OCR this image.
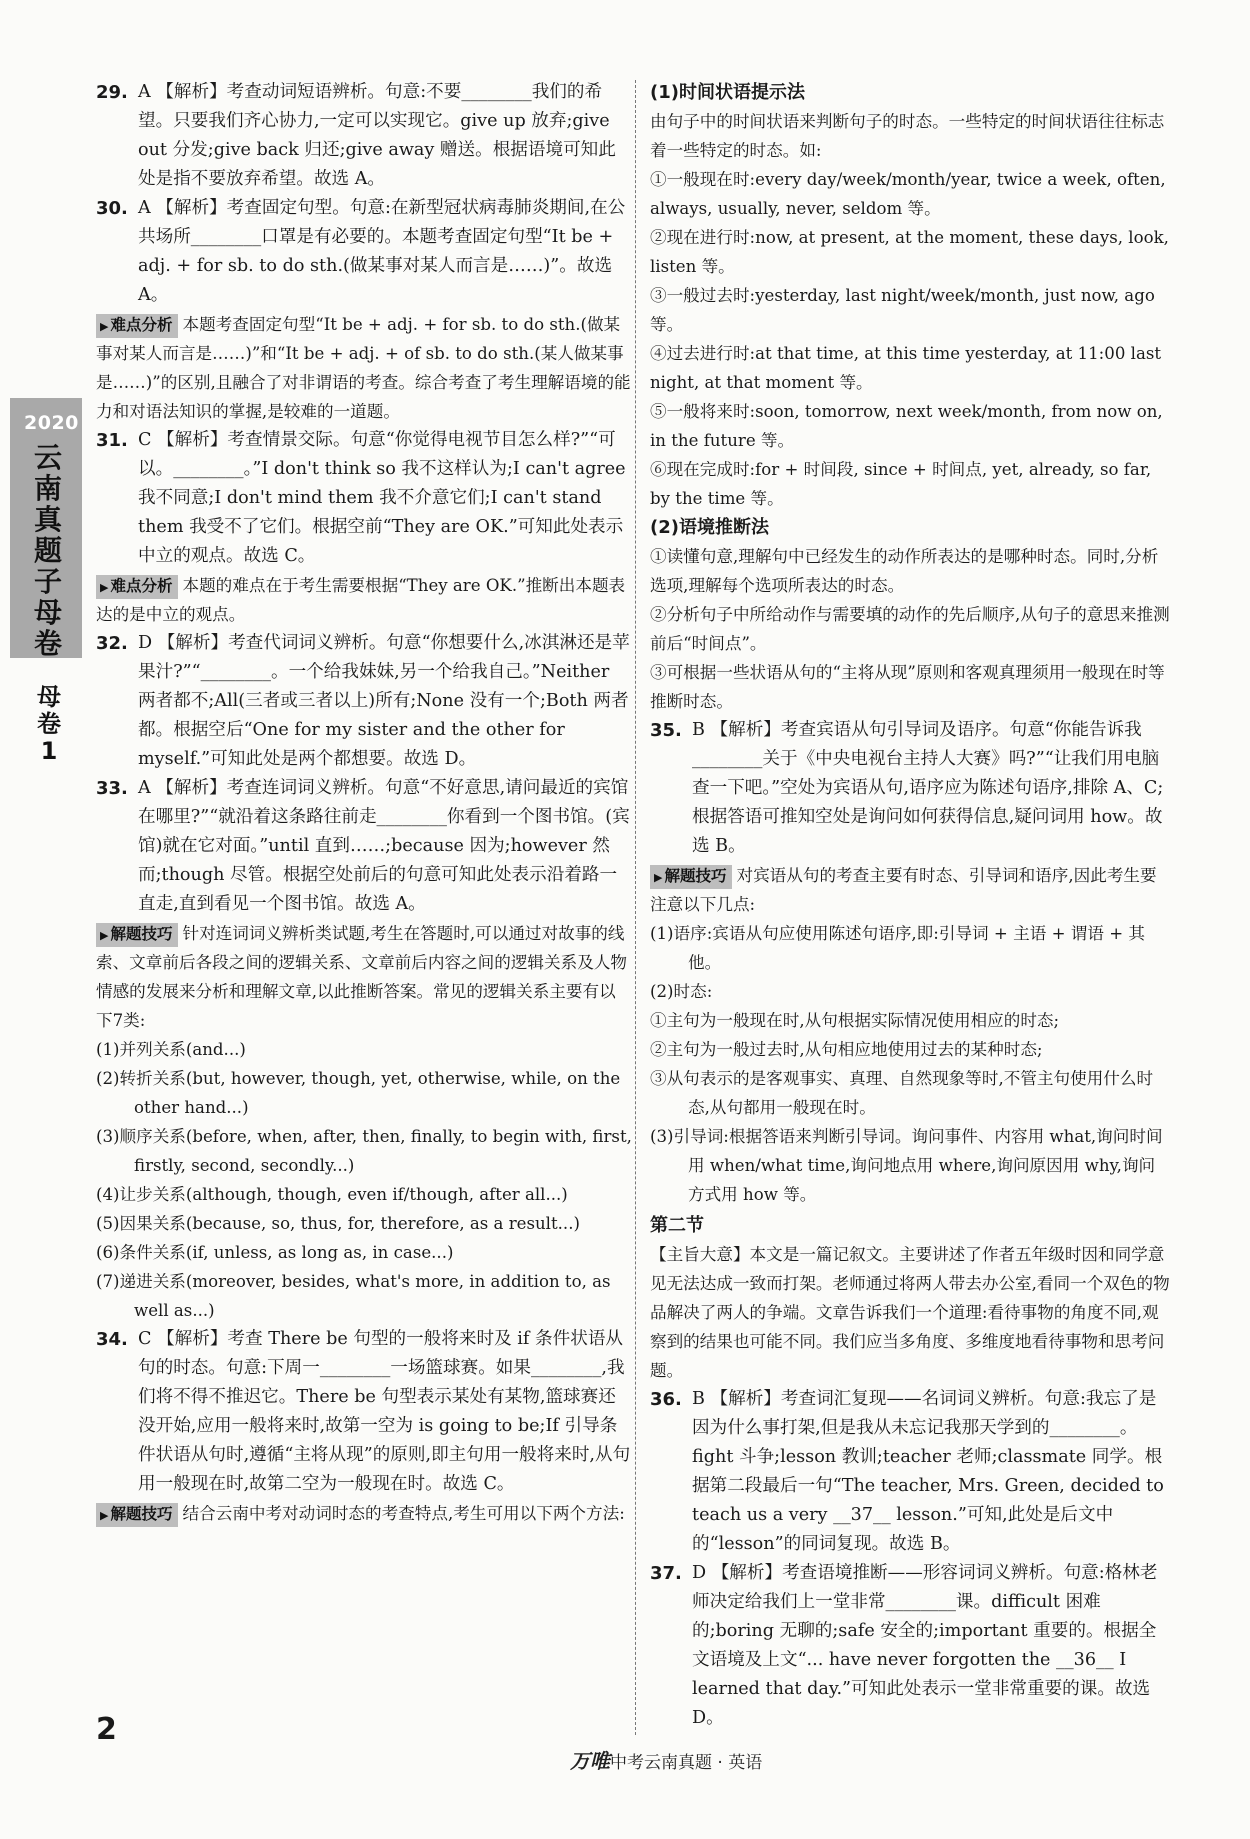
2020
云南真题子母卷
母卷1
29. A 【解析】考查动词短语辨析。句意:不要________我们的希望。只要我们齐心协力,一定可以实现它。give up 放弃;give out 分发;give back 归还;give away 赠送。根据语境可知此处是指不要放弃希望。故选 A。
30. A 【解析】考查固定句型。句意:在新型冠状病毒肺炎期间,在公共场所________口罩是有必要的。本题考查固定句型“It be + adj. + for sb. to do sth.(做某事对某人而言是……)”。故选 A。
▶ 难点分析 本题考查固定句型“It be + adj. + for sb. to do sth.(做某事对某人而言是……)”和“It be + adj. + of sb. to do sth.(某人做某事是……)”的区别,且融合了对非谓语的考查。综合考查了考生理解语境的能力和对语法知识的掌握,是较难的一道题。
31. C 【解析】考查情景交际。句意“你觉得电视节目怎么样?”“可以。________。”I don't think so 我不这样认为;I can't agree 我不同意;I don't mind them 我不介意它们;I can't stand them 我受不了它们。根据空前“They are OK.”可知此处表示中立的观点。故选 C。
▶ 难点分析 本题的难点在于考生需要根据“They are OK.”推断出本题表达的是中立的观点。
32. D 【解析】考查代词词义辨析。句意“你想要什么,冰淇淋还是苹果汁?”“________。一个给我妹妹,另一个给我自己。”Neither 两者都不;All(三者或三者以上)所有;None 没有一个;Both 两者都。根据空后“One for my sister and the other for myself.”可知此处是两个都想要。故选 D。
33. A 【解析】考查连词词义辨析。句意“不好意思,请问最近的宾馆在哪里?”“就沿着这条路往前走________你看到一个图书馆。(宾馆)就在它对面。”until 直到……;because 因为;however 然而;though 尽管。根据空处前后的句意可知此处表示沿着路一直走,直到看见一个图书馆。故选 A。
▶ 解题技巧 针对连词词义辨析类试题,考生在答题时,可以通过对故事的线索、文章前后各段之间的逻辑关系、文章前后内容之间的逻辑关系及人物情感的发展来分析和理解文章,以此推断答案。常见的逻辑关系主要有以下7类:
(1)并列关系(and...)
(2)转折关系(but, however, though, yet, otherwise, while, on the other hand...)
(3)顺序关系(before, when, after, then, finally, to begin with, first, firstly, second, secondly...)
(4)让步关系(although, though, even if/though, after all...)
(5)因果关系(because, so, thus, for, therefore, as a result...)
(6)条件关系(if, unless, as long as, in case...)
(7)递进关系(moreover, besides, what's more, in addition to, as well as...)
34. C 【解析】考查 There be 句型的一般将来时及 if 条件状语从句的时态。句意:下周一________一场篮球赛。如果________,我们将不得不推迟它。There be 句型表示某处有某物,篮球赛还没开始,应用一般将来时,故第一空为 is going to be;If 引导条件状语从句时,遵循“主将从现”的原则,即主句用一般将来时,从句用一般现在时,故第二空为一般现在时。故选 C。
▶ 解题技巧 结合云南中考对动词时态的考查特点,考生可用以下两个方法:
(1)时间状语提示法
由句子中的时间状语来判断句子的时态。一些特定的时间状语往往标志着一些特定的时态。如:
①一般现在时:every day/week/month/year, twice a week, often, always, usually, never, seldom 等。
②现在进行时:now, at present, at the moment, these days, look, listen 等。
③一般过去时:yesterday, last night/week/month, just now, ago 等。
④过去进行时:at that time, at this time yesterday, at 11:00 last night, at that moment 等。
⑤一般将来时:soon, tomorrow, next week/month, from now on, in the future 等。
⑥现在完成时:for + 时间段, since + 时间点, yet, already, so far, by the time 等。
(2)语境推断法
①读懂句意,理解句中已经发生的动作所表达的是哪种时态。同时,分析选项,理解每个选项所表达的时态。
②分析句子中所给动作与需要填的动作的先后顺序,从句子的意思来推测前后“时间点”。
③可根据一些状语从句的“主将从现”原则和客观真理须用一般现在时等推断时态。
35. B 【解析】考查宾语从句引导词及语序。句意“你能告诉我________关于《中央电视台主持人大赛》吗?”“让我们用电脑查一下吧。”空处为宾语从句,语序应为陈述句语序,排除 A、C;根据答语可推知空处是询问如何获得信息,疑问词用 how。故选 B。
▶ 解题技巧 对宾语从句的考查主要有时态、引导词和语序,因此考生要注意以下几点:
(1)语序:宾语从句应使用陈述句语序,即:引导词 + 主语 + 谓语 + 其他。
(2)时态:
①主句为一般现在时,从句根据实际情况使用相应的时态;
②主句为一般过去时,从句相应地使用过去的某种时态;
③从句表示的是客观事实、真理、自然现象等时,不管主句使用什么时态,从句都用一般现在时。
(3)引导词:根据答语来判断引导词。询问事件、内容用 what,询问时间用 when/what time,询问地点用 where,询问原因用 why,询问方式用 how 等。
第二节
【主旨大意】本文是一篇记叙文。主要讲述了作者五年级时因和同学意见无法达成一致而打架。老师通过将两人带去办公室,看同一个双色的物品解决了两人的争端。文章告诉我们一个道理:看待事物的角度不同,观察到的结果也可能不同。我们应当多角度、多维度地看待事物和思考问题。
36. B 【解析】考查词汇复现——名词词义辨析。句意:我忘了是因为什么事打架,但是我从未忘记我那天学到的________。fight 斗争;lesson 教训;teacher 老师;classmate 同学。根据第二段最后一句“The teacher, Mrs. Green, decided to teach us a very __37__ lesson.”可知,此处是后文中的“lesson”的同词复现。故选 B。
37. D 【解析】考查语境推断——形容词词义辨析。句意:格林老师决定给我们上一堂非常________课。difficult 困难的;boring 无聊的;safe 安全的;important 重要的。根据全文语境及上文“... have never forgotten the __36__ I learned that day.”可知此处表示一堂非常重要的课。故选 D。
2
万唯中考云南真题 · 英语
